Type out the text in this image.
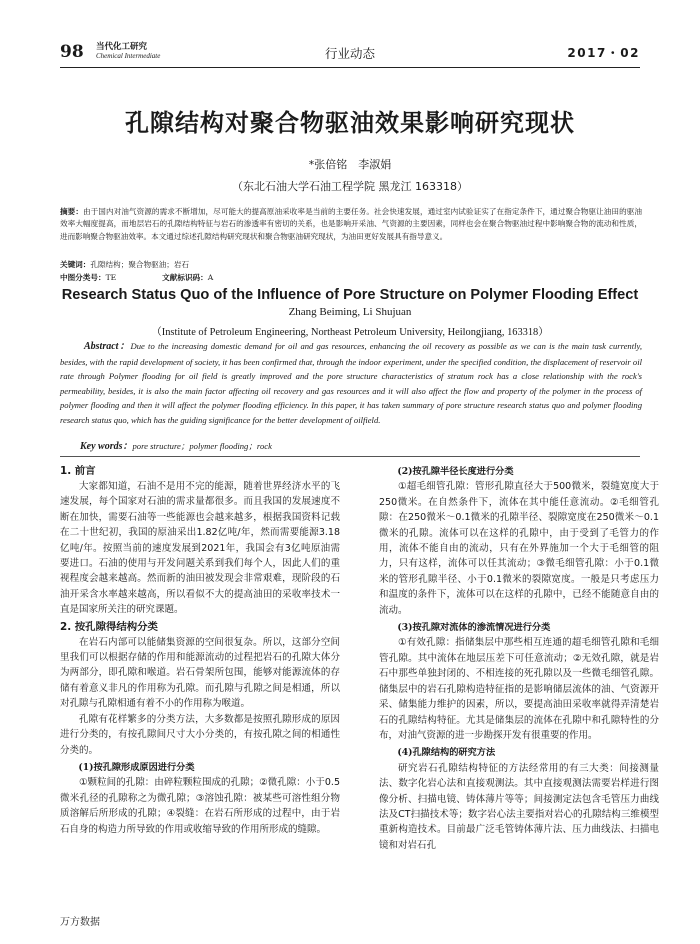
98 当代化工研究
Chemical Intermediate	行业动态	2017・02
孔隙结构对聚合物驱油效果影响研究现状
*张倍铭　李淑娟
（东北石油大学石油工程学院 黑龙江 163318）

摘要：由于国内对油气资源的需求不断增加，尽可能大的提高原油采收率是当前的主要任务。社会快速发展，通过室内试验证实了在指定条件下，通过聚合物驱让油田的驱油效率大幅度提高，而地层岩石的孔隙结构特征与岩石的渗透率有密切的关系，也是影响开采油、气资源的主要因素，同样也会在聚合物驱油过程中影响聚合物的流动和性质，进而影响聚合物驱油效率。本文通过综述孔隙结构研究现状和聚合物驱油研究现状，为油田更好发展具有指导意义。

关键词：孔隙结构；聚合物驱油；岩石
中图分类号：TE	文献标识码：A
Research Status Quo of the Influence of Pore Structure on Polymer Flooding Effect
Zhang Beiming, Li Shujuan
（Institute of Petroleum Engineering, Northeast Petroleum University, Heilongjiang, 163318）

Abstract：Due to the increasing domestic demand for oil and gas resources, enhancing the oil recovery as possible as we can is the main task currently, besides, with the rapid development of society, it has been confirmed that, through the indoor experiment, under the specified condition, the displacement of reservoir oil rate through Polymer flooding for oil field is greatly improved and the pore structure characteristics of stratum rock has a close relationship with the rock's permeability, besides, it is also the main factor affecting oil recovery and gas resources and it will also affect the flow and property of the polymer in the process of polymer flooding and then it will affect the polymer flooding efficiency. In this paper, it has taken summary of pore structure research status quo and polymer flooding research status quo, which has the guiding significance for the better development of oilfield.

Key words：pore structure；polymer flooding；rock
1. 前言

大家都知道，石油不是用不完的能源，随着世界经济水平的飞速发展，每个国家对石油的需求量都很多。而且我国的发展速度不断在加快，需要石油等一些能源也会越来越多，根据我国资料记载在二十世纪初，我国的原油采出1.82亿吨/年，然而需要能源3.18亿吨/年。按照当前的速度发展到2021年，我国会有3亿吨原油需要进口。石油的使用与开发问题关系到我们每个人，因此人们的重视程度会越来越高。然而新的油田被发现会非常艰难，现阶段的石油开采含水率越来越高，所以看似不大的提高油田的采收率技术一直是国家所关注的研究课题。

2. 按孔隙得结构分类

在岩石内部可以能储集资源的空间很复杂。所以，这部分空间里我们可以根据存储的作用和能源流动的过程把岩石的孔隙大体分为两部分，即孔隙和喉道。岩石骨架所包围，能够对能源流体的存储有着意义非凡的作用称为孔隙。而孔隙与孔隙之间是相通，所以对孔隙与孔隙相通有着不小的作用称为喉道。

孔隙有花样繁多的分类方法，大多数都是按照孔隙形成的原因进行分类的，有按孔隙间尺寸大小分类的，有按孔隙之间的相通性分类的。

(1)按孔隙形成原因进行分类

①颗粒间的孔隙：由碎粒颗粒围成的孔隙；②微孔隙：小于0.5微米孔径的孔隙称之为微孔隙；③溶蚀孔隙：被某些可溶性组分物质溶解后所形成的孔隙；④裂缝：在岩石所形成的过程中，由于岩石自身的构造力所导致的作用或收缩导致的作用所形成的缝隙。

(2)按孔隙半径长度进行分类

①超毛细管孔隙：管形孔隙直径大于500微米，裂缝宽度大于250微米。在自然条件下，流体在其中能任意流动。②毛细管孔隙：在250微米～0.1微米的孔隙半径、裂隙宽度在250微米～0.1微米的孔隙。流体可以在这样的孔隙中，由于受到了毛管力的作用，流体不能自由的流动，只有在外界施加一个大于毛细管的阻力，只有这样，流体可以任其流动；③微毛细管孔隙：小于0.1微米的管形孔隙半径、小于0.1微米的裂隙宽度。一般是只考虑压力和温度的条件下，流体可以在这样的孔隙中，已经不能随意自由的流动。

(3)按孔隙对流体的渗流情况进行分类

①有效孔隙：指储集层中那些相互连通的超毛细管孔隙和毛细管孔隙。其中流体在地层压差下可任意流动；②无效孔隙，就是岩石中那些单独封闭的、不相连接的死孔隙以及一些微毛细管孔隙。储集层中的岩石孔隙构造特征指的是影响储层流体的油、气资源开采、储集能力维护的因素，所以，要提高油田采收率就得弄清楚岩石的孔隙结构特征。尤其是储集层的流体在孔隙中和孔隙特性的分布，对油气资源的进一步勘探开发有很重要的作用。

(4)孔隙结构的研究方法

研究岩石孔隙结构特征的方法经常用的有三大类：间接测量法、数字化岩心法和直接观测法。其中直接观测法需要岩样进行图像分析、扫描电镜、铸体薄片等等；间接测定法包含毛管压力曲线法及CT扫描技术等；数字岩心法主要指对岩心的孔隙结构三维模型重新构造技术。目前最广泛毛管铸体薄片法、压力曲线法、扫描电镜和对岩石孔

万方数据
